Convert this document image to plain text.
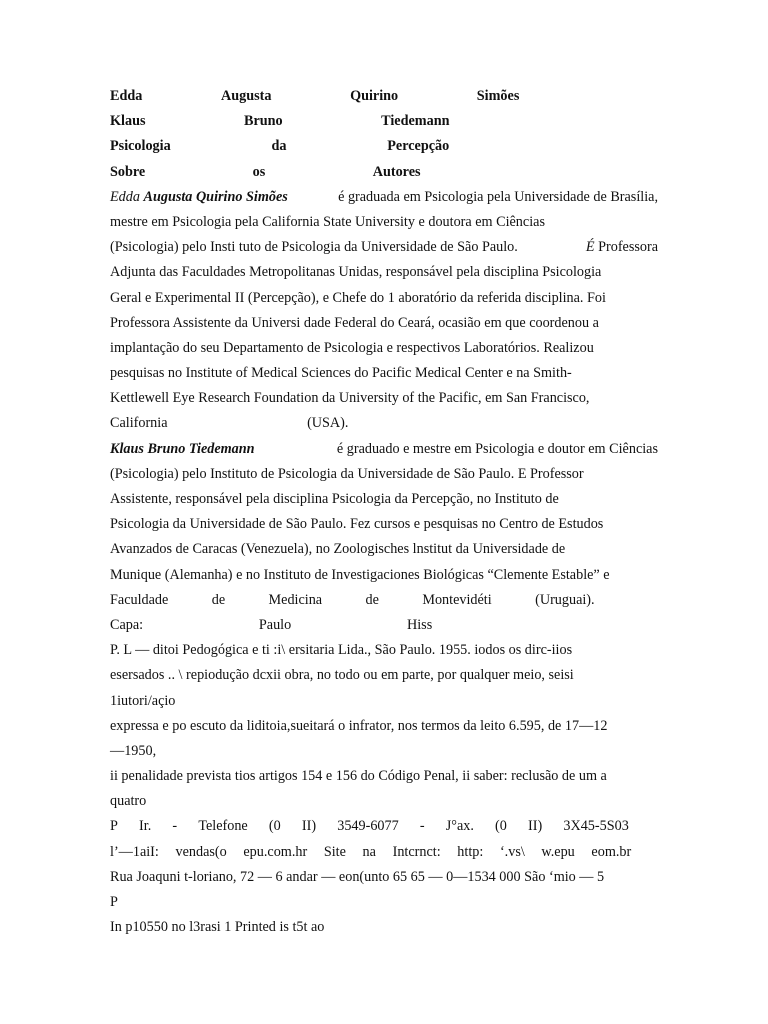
Edda	Augusta	Quirino	Simões
Klaus	Bruno	Tiedemann
Psicologia	da	Percepção
Sobre	os	Autores
Edda Augusta Quirino Simões	é graduada em Psicologia pela Universidade de Brasília,
mestre em Psicologia pela California State University e doutora em Ciências
(Psicologia) pelo Insti tuto de Psicologia da Universidade de São Paulo.	É Professora
Adjunta das Faculdades Metropolitanas Unidas, responsável pela disciplina Psicologia
Geral e Experimental II (Percepção), e Chefe do 1 aboratório da referida disciplina. Foi
Professora Assistente da Universi dade Federal do Ceará, ocasião em que coordenou a
implantação do seu Departamento de Psicologia e respectivos Laboratórios. Realizou
pesquisas no Institute of Medical Sciences do Pacific Medical Center e na Smith-
Kettlewell Eye Research Foundation da University of the Pacific, em San Francisco,
California	(USA).
Klaus Bruno Tiedemann	é graduado e mestre em Psicologia e doutor em Ciências
(Psicologia) pelo Instituto de Psicologia da Universidade de São Paulo. E Professor
Assistente, responsável pela disciplina Psicologia da Percepção, no Instituto de
Psicologia da Universidade de São Paulo. Fez cursos e pesquisas no Centro de Estudos
Avanzados de Caracas (Venezuela), no Zoologisches lnstitut da Universidade de
Munique (Alemanha) e no Instituto de Investigaciones Biológicas “Clemente Estable” e
Faculdade	de	Medicina	de	Montevidéti	(Uruguai).
Capa:	Paulo	Hiss
P. L — ditoi Pedogógica e ti :i\ ersitaria Lida., São Paulo. 1955. iodos os dirc-iios
esersados .. \ repiodução dcxii obra, no todo ou em parte, por qualquer meio, seisi
1iutori/açio
expressa e po escuto da liditoia,sueitará o infrator, nos termos da leito 6.595, de 17—12
—1950,
ii penalidade prevista tios artigos 154 e 156 do Código Penal, ii saber: reclusão de um a
quatro
P Ir. - Telefone (0 II) 3549-6077 - J°ax. (0 II) 3X45-5S03
l’—1aiI: vendas(o epu.com.hr Site na Intcrnct: http: ‘.vs\ w.epu eom.br
Rua Joaquni t-loriano, 72 — 6 andar — eon(unto 65 65 — 0—1534 000 São ‘mio — 5
P
In p10550 no l3rasi 1 Printed is t5t ao
